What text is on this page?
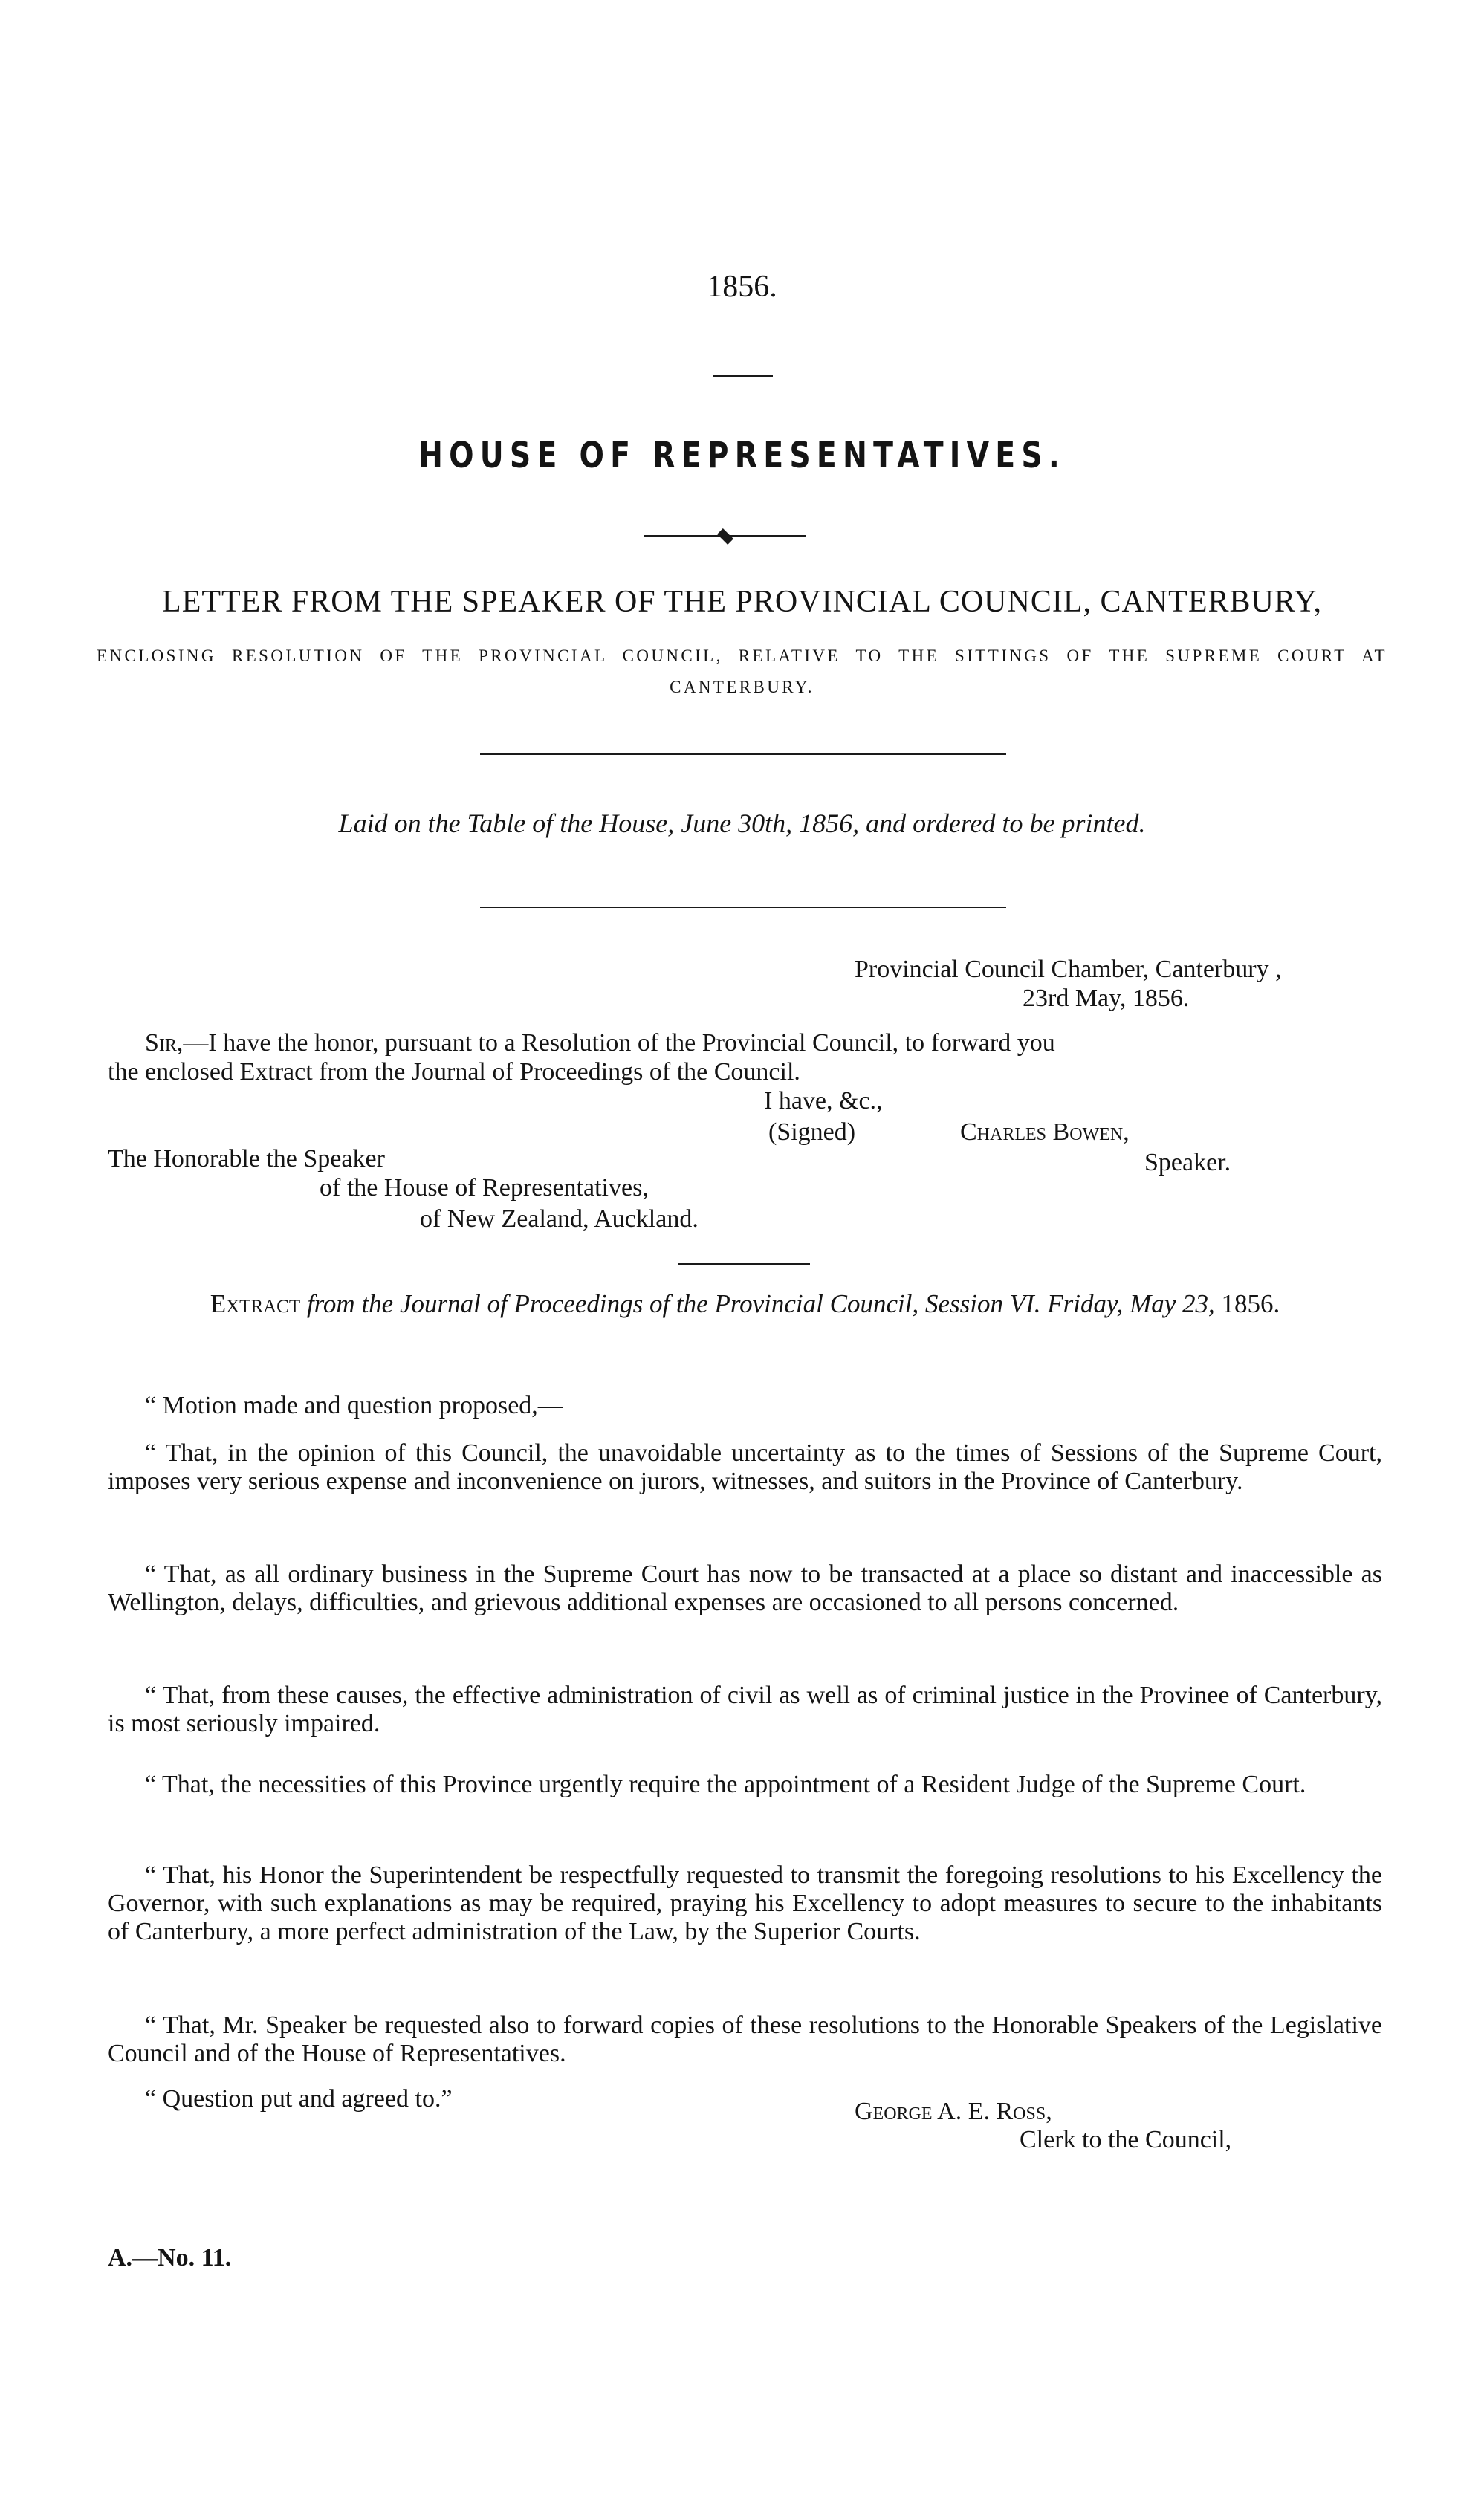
1856.
HOUSE OF REPRESENTATIVES.
LETTER FROM THE SPEAKER OF THE PROVINCIAL COUNCIL, CANTERBURY,
ENCLOSING RESOLUTION OF THE PROVINCIAL COUNCIL, RELATIVE TO THE SITTINGS OF THE SUPREME COURT AT CANTERBURY.
Laid on the Table of the House, June 30th, 1856, and ordered to be printed.
Provincial Council Chamber, Canterbury ,
23rd May, 1856.
Sir,—I have the honor, pursuant to a Resolution of the Provincial Council, to forward you
the enclosed Extract from the Journal of Proceedings of the Council.
I have, &c.,
(Signed)	Charles Bowen,
The Honorable the Speaker	Speaker.
of the House of Representatives,
of New Zealand, Auckland.
Extract from the Journal of Proceedings of the Provincial Council, Session VI. Friday, May 23, 1856.
“ Motion made and question proposed,—

“ That, in the opinion of this Council, the unavoidable uncertainty as to the times of Sessions of the Supreme Court, imposes very serious expense and inconvenience on jurors, witnesses, and suitors in the Province of Canterbury.

“ That, as all ordinary business in the Supreme Court has now to be transacted at a place so distant and inaccessible as Wellington, delays, difficulties, and grievous additional expenses are occasioned to all persons concerned.

“ That, from these causes, the effective administration of civil as well as of criminal justice in the Provinee of Canterbury, is most seriously impaired.

“ That, the necessities of this Province urgently require the appointment of a Resident Judge of the Supreme Court.

“ That, his Honor the Superintendent be respectfully requested to transmit the foregoing resolutions to his Excellency the Governor, with such explanations as may be required, praying his Excellency to adopt measures to secure to the inhabitants of Canterbury, a more perfect administration of the Law, by the Superior Courts.

“ That, Mr. Speaker be requested also to forward copies of these resolutions to the Honorable Speakers of the Legislative Council and of the House of Representatives.

“ Question put and agreed to.”	George A. E. Ross,
Clerk to the Council,
A.—No. 11.
